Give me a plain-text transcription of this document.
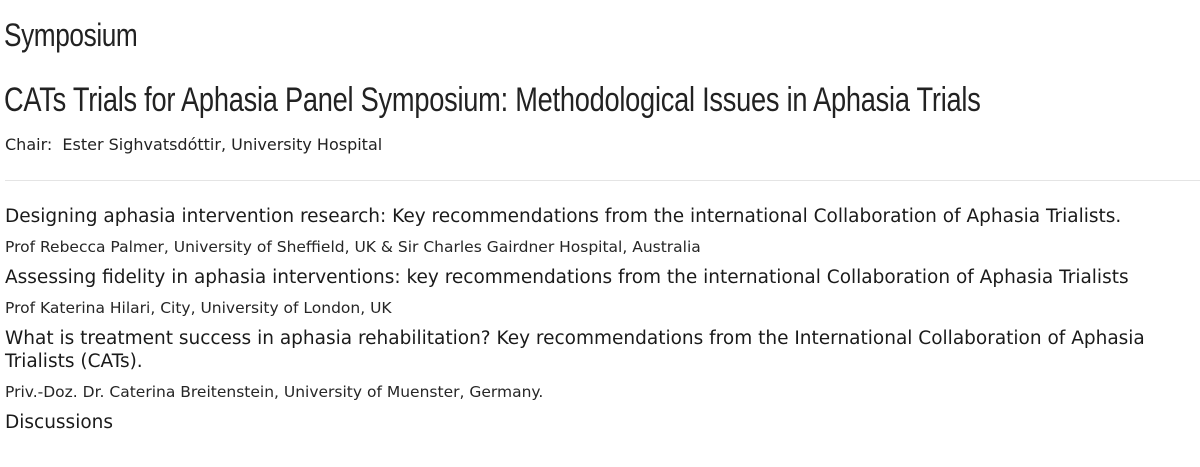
Symposium
CATs Trials for Aphasia Panel Symposium: Methodological Issues in Aphasia Trials
Chair: Ester Sighvatsdóttir, University Hospital
Designing aphasia intervention research: Key recommendations from the international Collaboration of Aphasia Trialists.
Prof Rebecca Palmer, University of Sheffield, UK & Sir Charles Gairdner Hospital, Australia
Assessing fidelity in aphasia interventions: key recommendations from the international Collaboration of Aphasia Trialists
Prof Katerina Hilari, City, University of London, UK
What is treatment success in aphasia rehabilitation? Key recommendations from the International Collaboration of Aphasia Trialists (CATs).
Priv.-Doz. Dr. Caterina Breitenstein, University of Muenster, Germany.
Discussions
